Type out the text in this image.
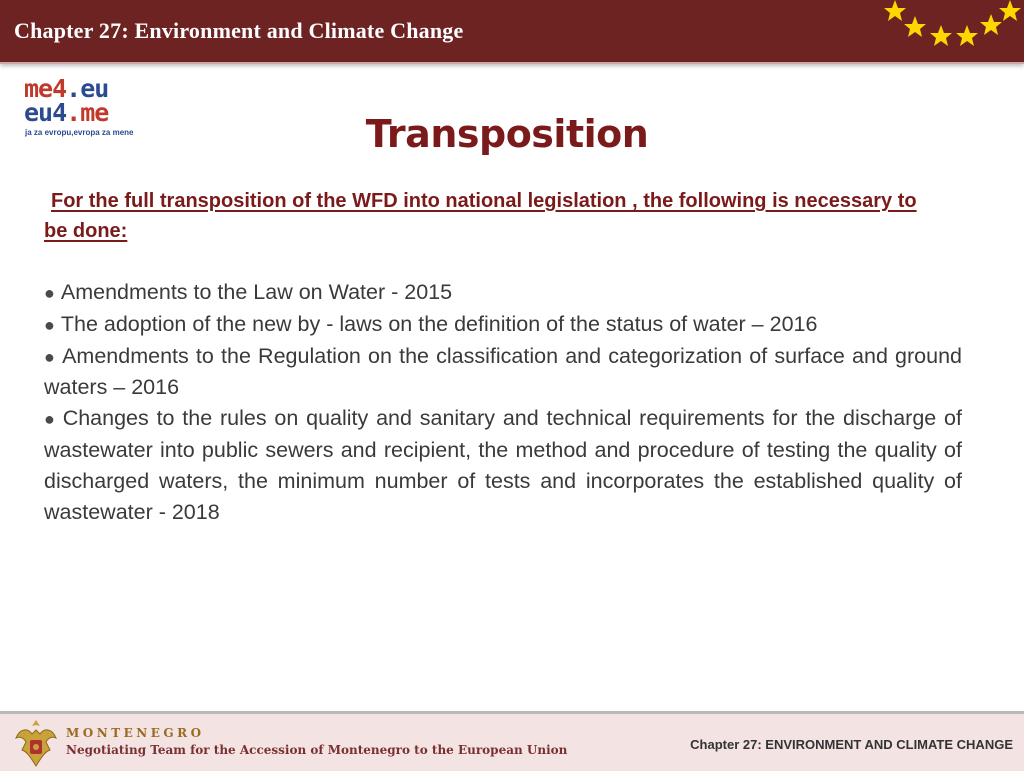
Chapter 27: Environment and Climate Change
me4.eu
eu4.me
ja za evropu,evropa za mene	Transposition
For the full transposition of the WFD into national legislation , the following is necessary to be done:

● Amendments to the Law on Water - 2015

● The adoption of the new by - laws on the definition of the status of water – 2016

● Amendments to the Regulation on the classification and categorization of surface and ground waters – 2016

● Changes to the rules on quality and sanitary and technical requirements for the discharge of wastewater into public sewers and recipient, the method and procedure of testing the quality of discharged waters, the minimum number of tests and incorporates the established quality of wastewater - 2018

MONTENEGRO
Negotiating Team for the Accession of Montenegro to the European Union	Chapter 27: ENVIRONMENT AND CLIMATE CHANGE
